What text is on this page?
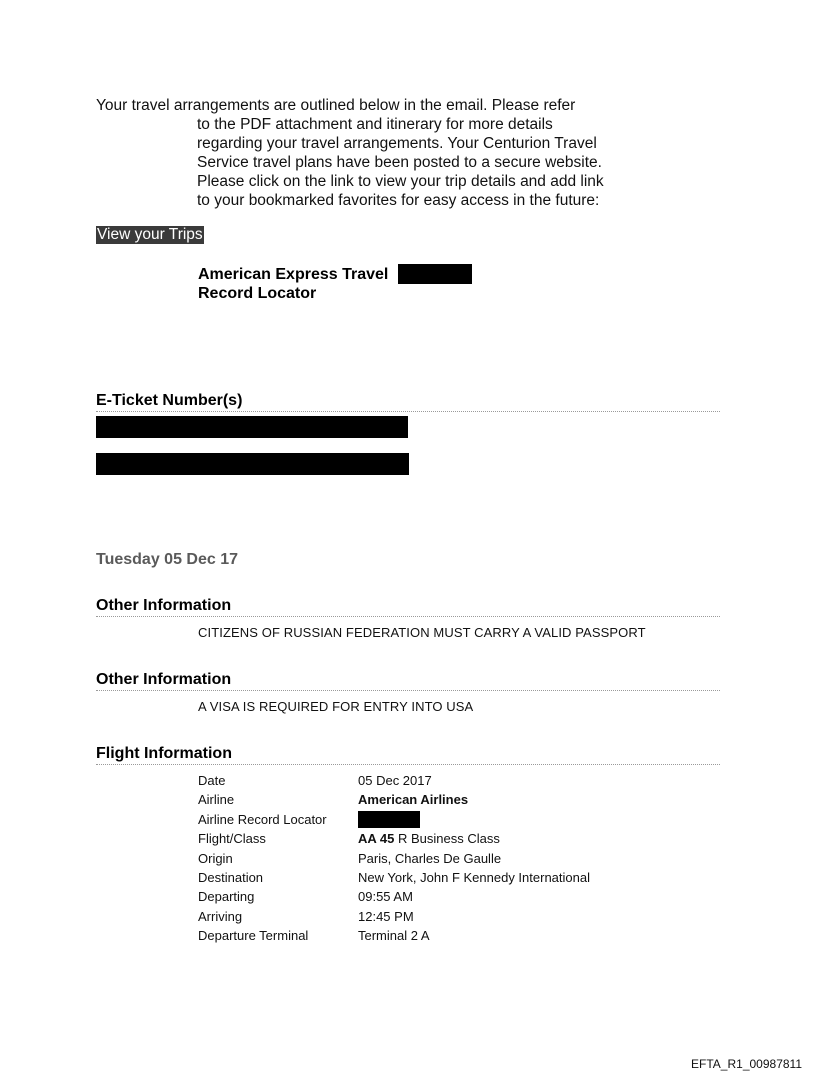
Your travel arrangements are outlined below in the email. Please refer
to the PDF attachment and itinerary for more details
regarding your travel arrangements. Your Centurion Travel
Service travel plans have been posted to a secure website.
Please click on the link to view your trip details and add link
to your bookmarked favorites for easy access in the future:
View your Trips
American Express Travel
Record Locator
E-Ticket Number(s)
Tuesday 05 Dec 17
Other Information
CITIZENS OF RUSSIAN FEDERATION MUST CARRY A VALID PASSPORT
Other Information
A VISA IS REQUIRED FOR ENTRY INTO USA
Flight Information
Date	05 Dec 2017
Airline	American Airlines
Airline Record Locator
Flight/Class	AA 45 R Business Class
Origin	Paris, Charles De Gaulle
Destination	New York, John F Kennedy International
Departing	09:55 AM
Arriving	12:45 PM
Departure Terminal	Terminal 2 A
EFTA_R1_00987811
